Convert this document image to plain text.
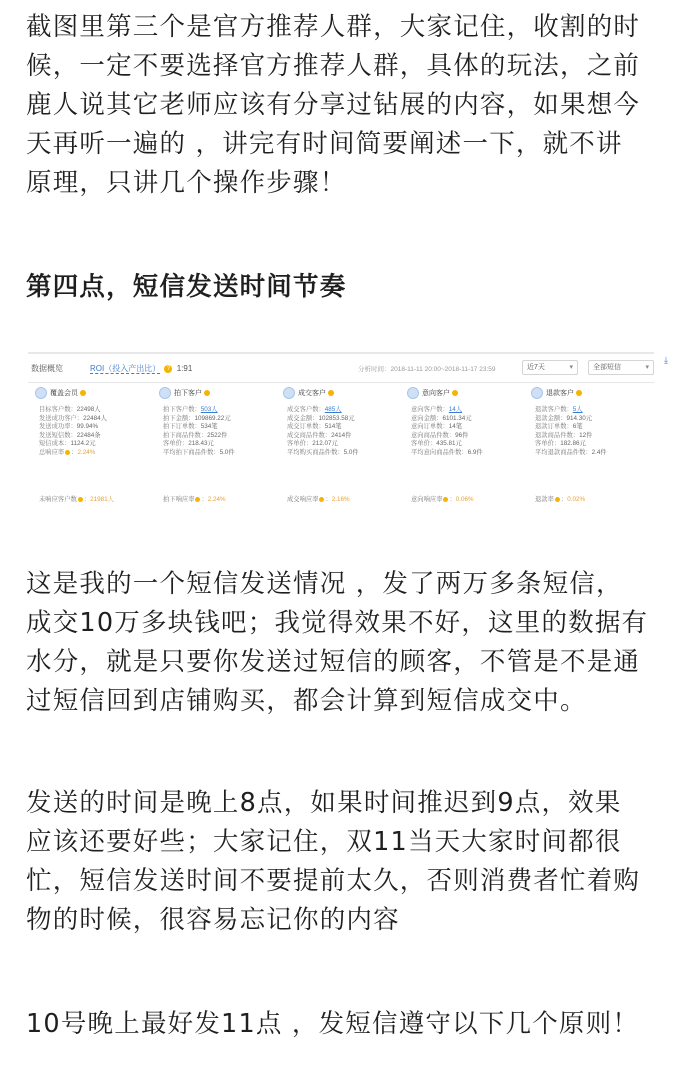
截图里第三个是官方推荐人群，大家记住，收割的时
候，一定不要选择官方推荐人群，具体的玩法，之前
鹿人说其它老师应该有分享过钻展的内容，如果想今
天再听一遍的 ，讲完有时间简要阐述一下，就不讲
原理，只讲几个操作步骤！

第四点，短信发送时间节奏

数据概览	ROI（投入产出比） ? 1:91	分析时间：2018-11-11 20:00~2018-11-17 23:59	近7天	▾	全部短信	▾
覆盖会员
目标客户数：22498人
发送成功客户：22484人
发送成功率：99.94%
发送短信数：22484条
短信成本：1124.2元
总响应率 ：2.24%
未响应客户数 ：21981人
拍下客户
拍下客户数：503人
拍下金额：109869.22元
拍下订单数：534笔
拍下商品件数：2522件
客单价：218.43元
平均拍下商品件数：5.0件
拍下响应率 ：2.24%
成交客户
成交客户数：485人
成交金额：102853.58元
成交订单数：514笔
成交商品件数：2414件
客单价：212.07元
平均购买商品件数：5.0件
成交响应率 ：2.16%
意向客户
意向客户数：14人
意向金额：6101.34元
意向订单数：14笔
意向商品件数：96件
客单价：435.81元
平均意向商品件数：6.9件
意向响应率 ：0.06%
退款客户
退款客户数：5人
退款金额：914.30元
退款订单数：6笔
退款商品件数：12件
客单价：182.86元
平均退款商品件数：2.4件
退款率 ：0.02%
⤓

这是我的一个短信发送情况 ，发了两万多条短信，
成交10万多块钱吧；我觉得效果不好，这里的数据有
水分，就是只要你发送过短信的顾客，不管是不是通
过短信回到店铺购买，都会计算到短信成交中。

发送的时间是晚上8点，如果时间推迟到9点，效果
应该还要好些；大家记住，双11当天大家时间都很
忙，短信发送时间不要提前太久，否则消费者忙着购
物的时候，很容易忘记你的内容

10号晚上最好发11点 ，发短信遵守以下几个原则！
